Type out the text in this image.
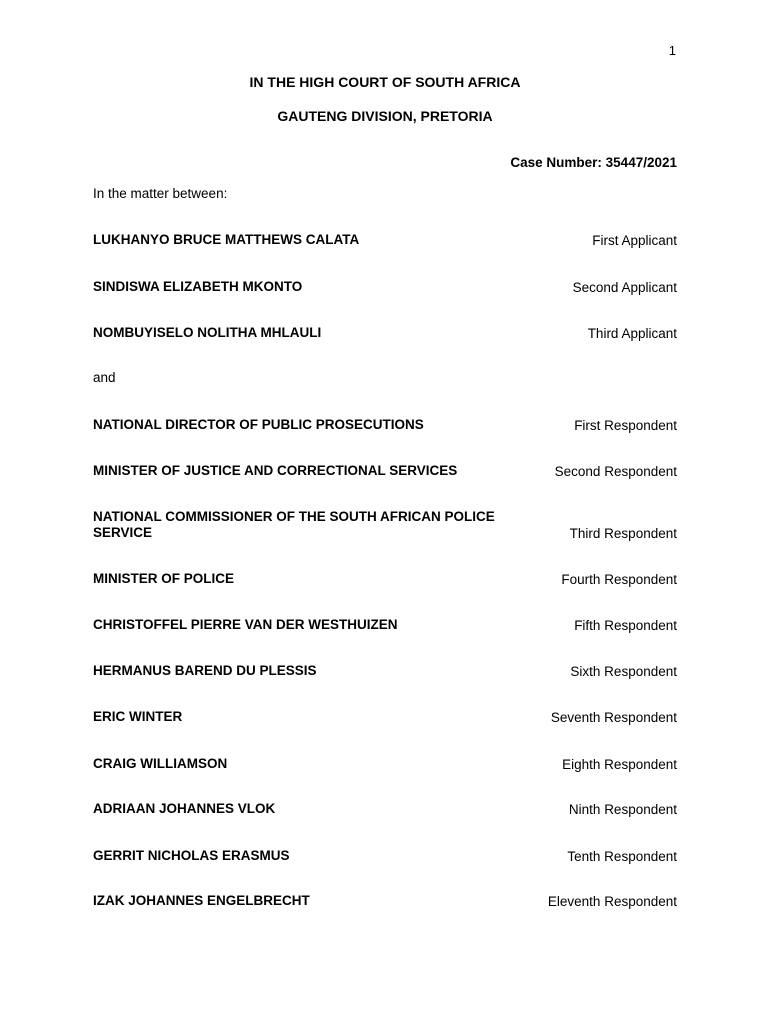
1
IN THE HIGH COURT OF SOUTH AFRICA
GAUTENG DIVISION, PRETORIA
Case Number: 35447/2021
In the matter between:
LUKHANYO BRUCE MATTHEWS CALATA	First Applicant
SINDISWA ELIZABETH MKONTO	Second Applicant
NOMBUYISELO NOLITHA MHLAULI	Third Applicant
and
NATIONAL DIRECTOR OF PUBLIC PROSECUTIONS	First Respondent
MINISTER OF JUSTICE AND CORRECTIONAL SERVICES	Second Respondent
NATIONAL COMMISSIONER OF THE SOUTH AFRICAN POLICE SERVICE	Third Respondent
MINISTER OF POLICE	Fourth Respondent
CHRISTOFFEL PIERRE VAN DER WESTHUIZEN	Fifth Respondent
HERMANUS BAREND DU PLESSIS	Sixth Respondent
ERIC WINTER	Seventh Respondent
CRAIG WILLIAMSON	Eighth Respondent
ADRIAAN JOHANNES VLOK	Ninth Respondent
GERRIT NICHOLAS ERASMUS	Tenth Respondent
IZAK JOHANNES ENGELBRECHT	Eleventh Respondent
